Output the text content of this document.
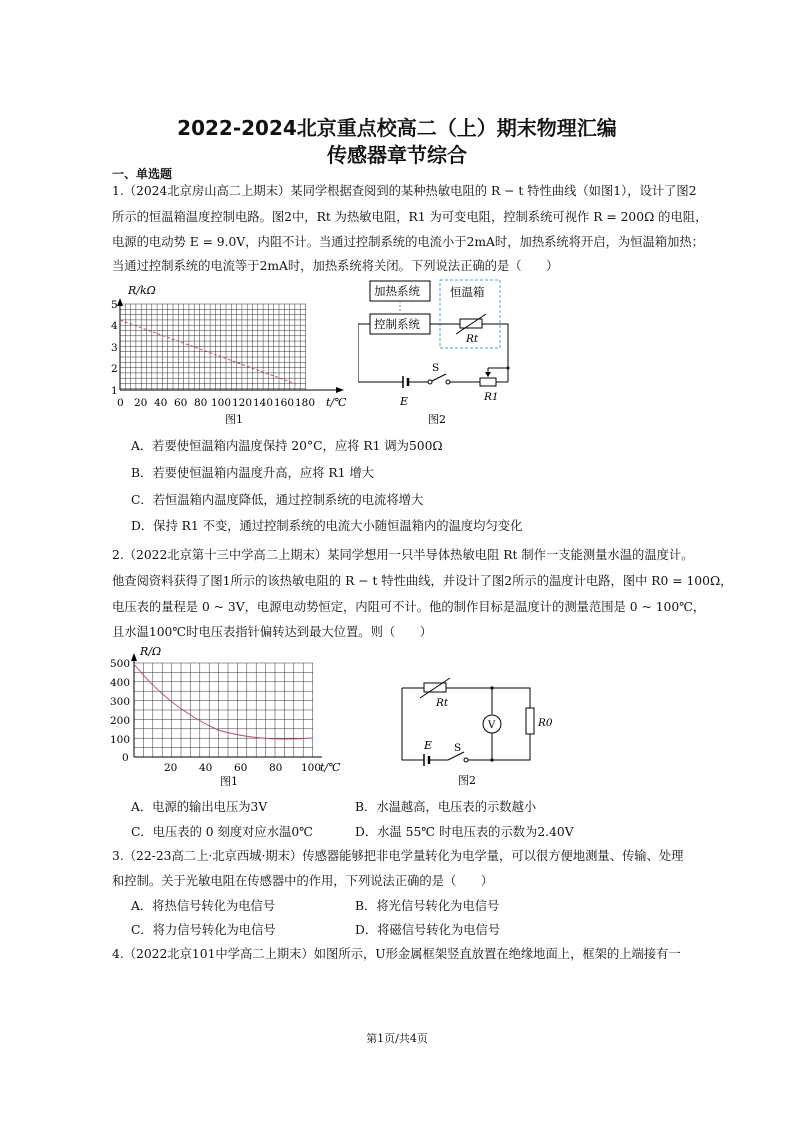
2022-2024北京重点校高二（上）期末物理汇编
传感器章节综合
一、单选题
1.（2024北京房山高二上期末）某同学根据查阅到的某种热敏电阻的 R − t 特性曲线（如图1），设计了图2
所示的恒温箱温度控制电路。图2中，Rt 为热敏电阻，R1 为可变电阻，控制系统可视作 R = 200Ω 的电阻，
电源的电动势 E = 9.0V，内阻不计。当通过控制系统的电流小于2mA时，加热系统将开启，为恒温箱加热；
当通过控制系统的电流等于2mA时，加热系统将关闭。下列说法正确的是（　　）
R/kΩ
t/℃
1
2
3
4
5
0 20 40 60 80 100 120 140 160 180
图1
加热系统
控制系统
恒温箱
Rt
E
S
R1
图2
A．若要使恒温箱内温度保持 20°C，应将 R1 调为500Ω
B．若要使恒温箱内温度升高，应将 R1 增大
C．若恒温箱内温度降低，通过控制系统的电流将增大
D．保持 R1 不变，通过控制系统的电流大小随恒温箱内的温度均匀变化
2.（2022北京第十三中学高二上期末）某同学想用一只半导体热敏电阻 Rt 制作一支能测量水温的温度计。
他查阅资料获得了图1所示的该热敏电阻的 R − t 特性曲线，并设计了图2所示的温度计电路，图中 R0 = 100Ω，
电压表的量程是 0 ~ 3V，电源电动势恒定，内阻可不计。他的制作目标是温度计的测量范围是 0 ~ 100℃，
且水温100℃时电压表指针偏转达到最大位置。则（　　）
R/Ω
t/℃
0
100
200
300
400
500
20 40 60 80 100
图1
Rt
V	R0
E S
图2
A．电源的输出电压为3V	B．水温越高，电压表的示数越小
C．电压表的 0 刻度对应水温0℃	D．水温 55℃ 时电压表的示数为2.40V
3.（22-23高二上·北京西城·期末）传感器能够把非电学量转化为电学量，可以很方便地测量、传输、处理
和控制。关于光敏电阻在传感器中的作用，下列说法正确的是（　　）
A．将热信号转化为电信号	B．将光信号转化为电信号
C．将力信号转化为电信号	D．将磁信号转化为电信号
4.（2022北京101中学高二上期末）如图所示，U形金属框架竖直放置在绝缘地面上，框架的上端接有一
第1页/共4页
